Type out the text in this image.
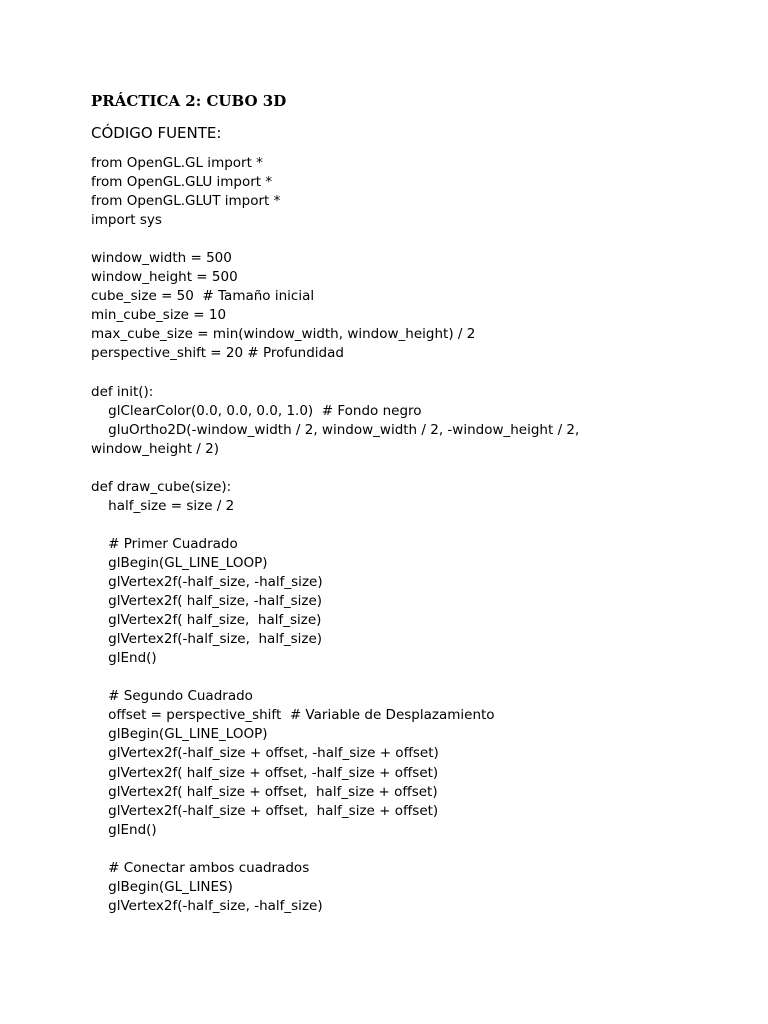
PRÁCTICA 2: CUBO 3D
CÓDIGO FUENTE:
from OpenGL.GL import *
from OpenGL.GLU import *
from OpenGL.GLUT import *
import sys
window_width = 500
window_height = 500
cube_size = 50  # Tamaño inicial
min_cube_size = 10
max_cube_size = min(window_width, window_height) / 2
perspective_shift = 20 # Profundidad
def init():
glClearColor(0.0, 0.0, 0.0, 1.0)  # Fondo negro
gluOrtho2D(-window_width / 2, window_width / 2, -window_height / 2,
window_height / 2)
def draw_cube(size):
half_size = size / 2
# Primer Cuadrado
glBegin(GL_LINE_LOOP)
glVertex2f(-half_size, -half_size)
glVertex2f( half_size, -half_size)
glVertex2f( half_size,  half_size)
glVertex2f(-half_size,  half_size)
glEnd()
# Segundo Cuadrado
offset = perspective_shift  # Variable de Desplazamiento
glBegin(GL_LINE_LOOP)
glVertex2f(-half_size + offset, -half_size + offset)
glVertex2f( half_size + offset, -half_size + offset)
glVertex2f( half_size + offset,  half_size + offset)
glVertex2f(-half_size + offset,  half_size + offset)
glEnd()
# Conectar ambos cuadrados
glBegin(GL_LINES)
glVertex2f(-half_size, -half_size)
